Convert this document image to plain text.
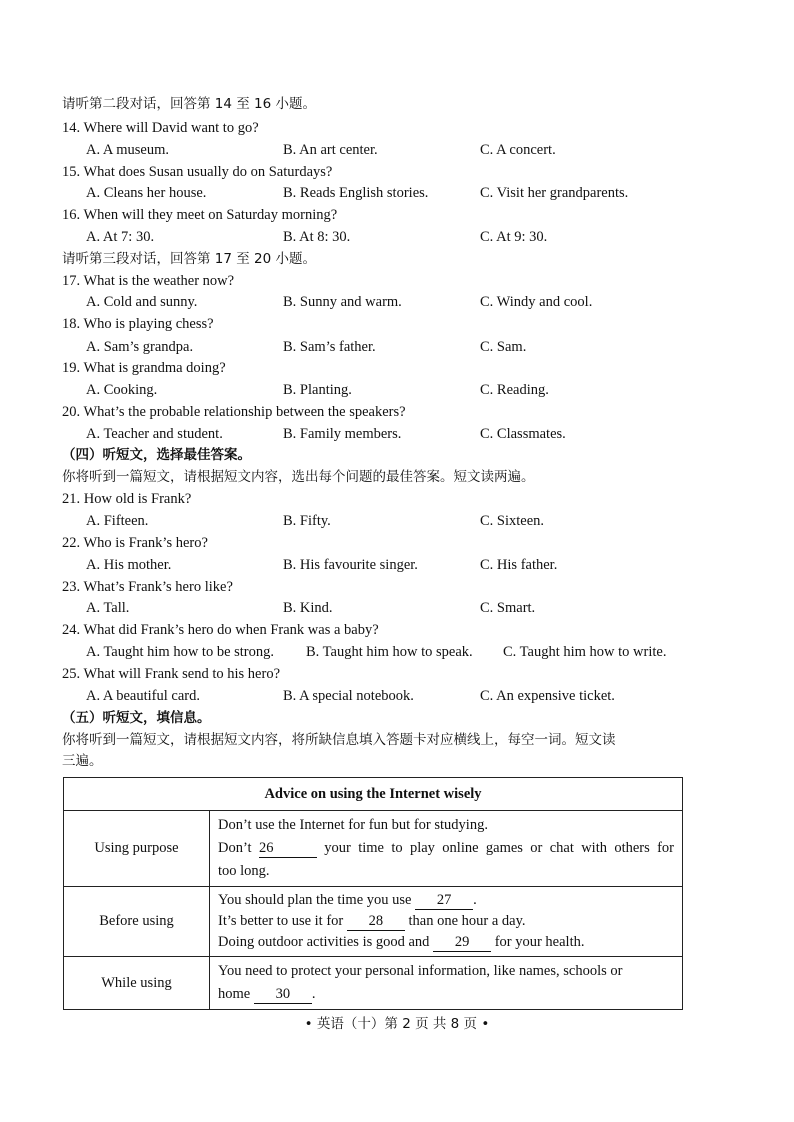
请听第二段对话，回答第 14 至 16 小题。
14. Where will David want to go?
A. A museum.	B. An art center.	C. A concert.
15. What does Susan usually do on Saturdays?
A. Cleans her house.	B. Reads English stories.	C. Visit her grandparents.
16. When will they meet on Saturday morning?
A. At 7: 30.	B. At 8: 30.	C. At 9: 30.
请听第三段对话，回答第 17 至 20 小题。
17. What is the weather now?
A. Cold and sunny.	B. Sunny and warm.	C. Windy and cool.
18. Who is playing chess?
A. Sam’s grandpa.	B. Sam’s father.	C. Sam.
19. What is grandma doing?
A. Cooking.	B. Planting.	C. Reading.
20. What’s the probable relationship between the speakers?
A. Teacher and student.	B. Family members.	C. Classmates.
（四）听短文，选择最佳答案。
你将听到一篇短文，请根据短文内容，选出每个问题的最佳答案。短文读两遍。
21. How old is Frank?
A. Fifteen.	B. Fifty.	C. Sixteen.
22. Who is Frank’s hero?
A. His mother.	B. His favourite singer.	C. His father.
23. What’s Frank’s hero like?
A. Tall.	B. Kind.	C. Smart.
24. What did Frank’s hero do when Frank was a baby?
A. Taught him how to be strong. B. Taught him how to speak. C. Taught him how to write.
25. What will Frank send to his hero?
A. A beautiful card.	B. A special notebook.	C. An expensive ticket.
（五）听短文，填信息。
你将听到一篇短文，请根据短文内容，将所缺信息填入答题卡对应横线上，每空一词。短文读
三遍。
Advice on using the Internet wisely	
Using purpose	Don’t use the Internet for fun but for studying.
Don’t 26 your time to play online games or chat with others for
too long.

Before using	You should plan the time you use 27 .
It’s better to use it for 28 than one hour a day.
Doing outdoor activities is good and 29 for your health.

While using	You need to protect your personal information, like names, schools or
home 30 .
• 英语（十）第 2 页 共 8 页 •
